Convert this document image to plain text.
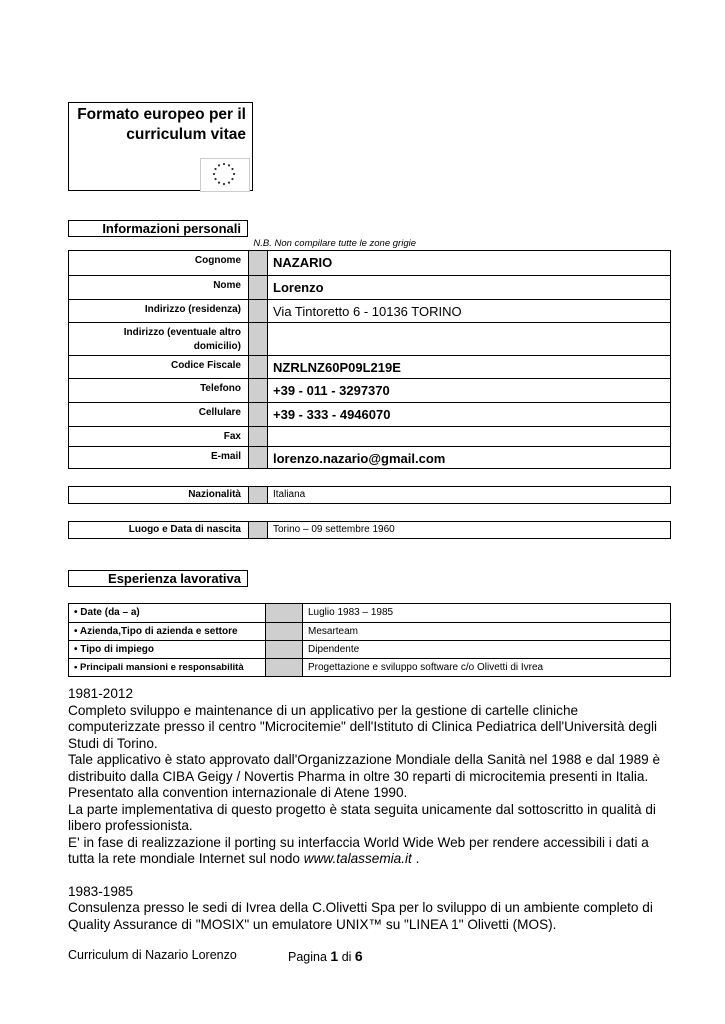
Formato europeo per il
curriculum vitae
Informazioni personali
N.B. Non compilare tutte le zone grigie
Cognome	NAZARIO
Nome	Lorenzo
Indirizzo (residenza)	Via Tintoretto 6 - 10136 TORINO
Indirizzo (eventuale altro
domicilio)
Codice Fiscale	NZRLNZ60P09L219E
Telefono	+39 - 011 - 3297370
Cellulare	+39 - 333 - 4946070
Fax
E-mail	lorenzo.nazario@gmail.com
Nazionalità	Italiana
Luogo e Data di nascita	Torino – 09 settembre 1960
Esperienza lavorativa
• Date (da – a)	Luglio 1983 – 1985
• Azienda,Tipo di azienda e settore	Mesarteam
• Tipo di impiego	Dipendente
• Principali mansioni e responsabilità	Progettazione e sviluppo software c/o Olivetti di Ivrea

1981-2012

Completo sviluppo e maintenance di un applicativo per la gestione di cartelle cliniche

computerizzate presso il centro "Microcitemie" dell'Istituto di Clinica Pediatrica dell'Università degli

Studi di Torino.

Tale applicativo è stato approvato dall'Organizzazione Mondiale della Sanità nel 1988 e dal 1989 è

distribuito dalla CIBA Geigy / Novertis Pharma in oltre 30 reparti di microcitemia presenti in Italia.

Presentato alla convention internazionale di Atene 1990.

La parte implementativa di questo progetto è stata seguita unicamente dal sottoscritto in qualità di

libero professionista.

E' in fase di realizzazione il porting su interfaccia World Wide Web per rendere accessibili i dati a

tutta la rete mondiale Internet sul nodo www.talassemia.it .

1983-1985

Consulenza presso le sedi di Ivrea della C.Olivetti Spa per lo sviluppo di un ambiente completo di

Quality Assurance di "MOSIX" un emulatore UNIX™ su "LINEA 1" Olivetti (MOS).

Curriculum di Nazario Lorenzo	Pagina 1 di 6
